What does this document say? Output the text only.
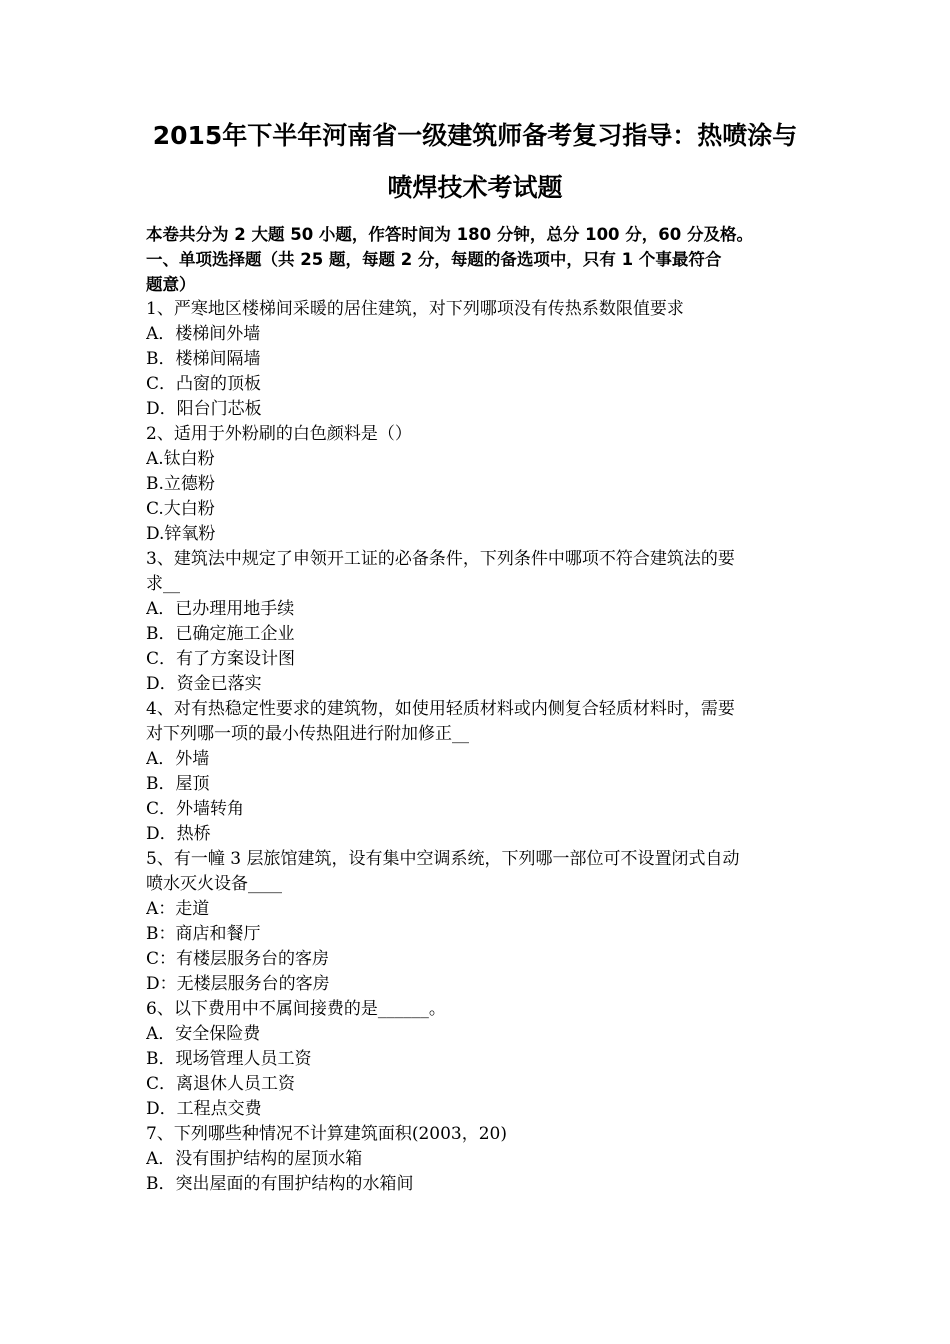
2015年下半年河南省一级建筑师备考复习指导：热喷涂与
喷焊技术考试题
本卷共分为 2 大题 50 小题，作答时间为 180 分钟，总分 100 分，60 分及格。
一、单项选择题（共 25 题，每题 2 分，每题的备选项中，只有 1 个事最符合
题意）
1、严寒地区楼梯间采暖的居住建筑，对下列哪项没有传热系数限值要求
A．楼梯间外墙
B．楼梯间隔墙
C．凸窗的顶板
D．阳台门芯板
2、适用于外粉刷的白色颜料是（）
A.钛白粉
B.立德粉
C.大白粉
D.锌氧粉
3、建筑法中规定了申领开工证的必备条件，下列条件中哪项不符合建筑法的要
求__
A．已办理用地手续
B．已确定施工企业
C．有了方案设计图
D．资金已落实
4、对有热稳定性要求的建筑物，如使用轻质材料或内侧复合轻质材料时，需要
对下列哪一项的最小传热阻进行附加修正__
A．外墙
B．屋顶
C．外墙转角
D．热桥
5、有一幢 3 层旅馆建筑，设有集中空调系统，下列哪一部位可不设置闭式自动
喷水灭火设备____
A：走道
B：商店和餐厅
C：有楼层服务台的客房
D：无楼层服务台的客房
6、以下费用中不属间接费的是______。
A．安全保险费
B．现场管理人员工资
C．离退休人员工资
D．工程点交费
7、下列哪些种情况不计算建筑面积(2003，20)
A．没有围护结构的屋顶水箱
B．突出屋面的有围护结构的水箱间
